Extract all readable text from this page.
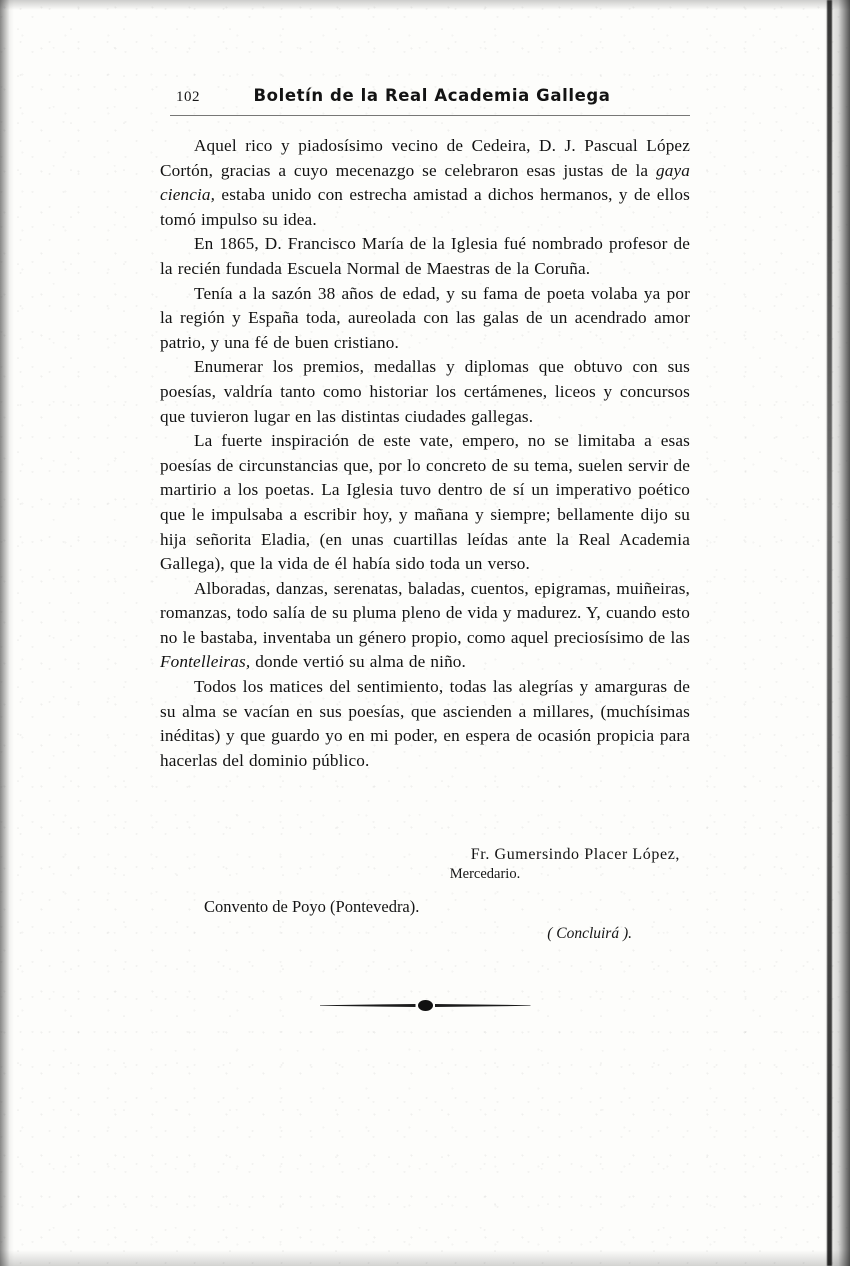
102	Boletín de la Real Academia Gallega

Aquel rico y piadosísimo vecino de Cedeira, D. J. Pascual López Cortón, gracias a cuyo mecenazgo se celebraron esas justas de la gaya ciencia, estaba unido con estrecha amistad a dichos hermanos, y de ellos tomó impulso su idea.

En 1865, D. Francisco María de la Iglesia fué nombrado profesor de la recién fundada Escuela Normal de Maestras de la Coruña.

Tenía a la sazón 38 años de edad, y su fama de poeta volaba ya por la región y España toda, aureolada con las galas de un acendrado amor patrio, y una fé de buen cristiano.

Enumerar los premios, medallas y diplomas que obtuvo con sus poesías, valdría tanto como historiar los certámenes, liceos y concursos que tuvieron lugar en las distintas ciudades gallegas.

La fuerte inspiración de este vate, empero, no se limitaba a esas poesías de circunstancias que, por lo concreto de su tema, suelen servir de martirio a los poetas. La Iglesia tuvo dentro de sí un imperativo poético que le impulsaba a escribir hoy, y mañana y siempre; bellamente dijo su hija señorita Eladia, (en unas cuartillas leídas ante la Real Academia Gallega), que la vida de él había sido toda un verso.

Alboradas, danzas, serenatas, baladas, cuentos, epigramas, muiñeiras, romanzas, todo salía de su pluma pleno de vida y madurez. Y, cuando esto no le bastaba, inventaba un género propio, como aquel preciosísimo de las Fontelleiras, donde vertió su alma de niño.

Todos los matices del sentimiento, todas las alegrías y amarguras de su alma se vacían en sus poesías, que ascienden a millares, (muchísimas inéditas) y que guardo yo en mi poder, en espera de ocasión propicia para hacerlas del dominio público.

Fr. Gumersindo Placer López,
Mercedario.
Convento de Poyo (Pontevedra).
( Concluirá ).
